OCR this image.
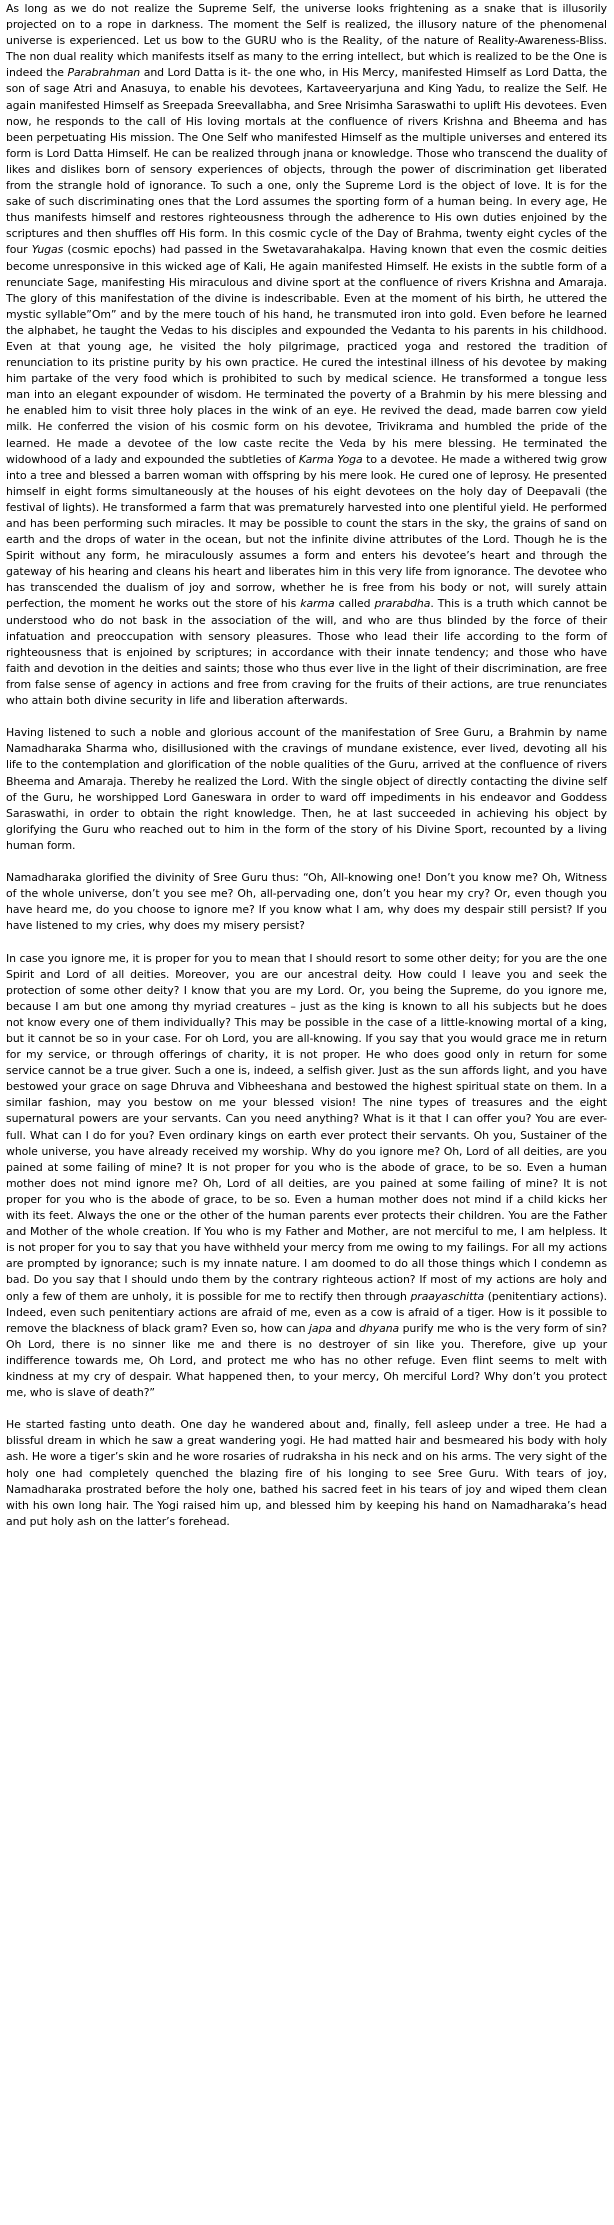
As long as we do not realize the Supreme Self, the universe looks frightening as a snake that is illusorily projected on to a rope in darkness. The moment the Self is realized, the illusory nature of the phenomenal universe is experienced. Let us bow to the GURU who is the Reality, of the nature of Reality-Awareness-Bliss. The non dual reality which manifests itself as many to the erring intellect, but which is realized to be the One is indeed the Parabrahman and Lord Datta is it- the one who, in His Mercy, manifested Himself as Lord Datta, the son of sage Atri and Anasuya, to enable his devotees, Kartaveeryarjuna and King Yadu, to realize the Self. He again manifested Himself as Sreepada Sreevallabha, and Sree Nrisimha Saraswathi to uplift His devotees. Even now, he responds to the call of His loving mortals at the confluence of rivers Krishna and Bheema and has been perpetuating His mission. The One Self who manifested Himself as the multiple universes and entered its form is Lord Datta Himself. He can be realized through jnana or knowledge. Those who transcend the duality of likes and dislikes born of sensory experiences of objects, through the power of discrimination get liberated from the strangle hold of ignorance. To such a one, only the Supreme Lord is the object of love. It is for the sake of such discriminating ones that the Lord assumes the sporting form of a human being. In every age, He thus manifests himself and restores righteousness through the adherence to His own duties enjoined by the scriptures and then shuffles off His form. In this cosmic cycle of the Day of Brahma, twenty eight cycles of the four Yugas (cosmic epochs) had passed in the Swetavarahakalpa. Having known that even the cosmic deities become unresponsive in this wicked age of Kali, He again manifested Himself. He exists in the subtle form of a renunciate Sage, manifesting His miraculous and divine sport at the confluence of rivers Krishna and Amaraja. The glory of this manifestation of the divine is indescribable. Even at the moment of his birth, he uttered the mystic syllable”Om” and by the mere touch of his hand, he transmuted iron into gold. Even before he learned the alphabet, he taught the Vedas to his disciples and expounded the Vedanta to his parents in his childhood. Even at that young age, he visited the holy pilgrimage, practiced yoga and restored the tradition of renunciation to its pristine purity by his own practice. He cured the intestinal illness of his devotee by making him partake of the very food which is prohibited to such by medical science. He transformed a tongue less man into an elegant expounder of wisdom. He terminated the poverty of a Brahmin by his mere blessing and he enabled him to visit three holy places in the wink of an eye. He revived the dead, made barren cow yield milk. He conferred the vision of his cosmic form on his devotee, Trivikrama and humbled the pride of the learned. He made a devotee of the low caste recite the Veda by his mere blessing. He terminated the widowhood of a lady and expounded the subtleties of Karma Yoga to a devotee. He made a withered twig grow into a tree and blessed a barren woman with offspring by his mere look. He cured one of leprosy. He presented himself in eight forms simultaneously at the houses of his eight devotees on the holy day of Deepavali (the festival of lights). He transformed a farm that was prematurely harvested into one plentiful yield. He performed and has been performing such miracles. It may be possible to count the stars in the sky, the grains of sand on earth and the drops of water in the ocean, but not the infinite divine attributes of the Lord. Though he is the Spirit without any form, he miraculously assumes a form and enters his devotee’s heart and through the gateway of his hearing and cleans his heart and liberates him in this very life from ignorance. The devotee who has transcended the dualism of joy and sorrow, whether he is free from his body or not, will surely attain perfection, the moment he works out the store of his karma called prarabdha. This is a truth which cannot be understood who do not bask in the association of the will, and who are thus blinded by the force of their infatuation and preoccupation with sensory pleasures. Those who lead their life according to the form of righteousness that is enjoined by scriptures; in accordance with their innate tendency; and those who have faith and devotion in the deities and saints; those who thus ever live in the light of their discrimination, are free from false sense of agency in actions and free from craving for the fruits of their actions, are true renunciates who attain both divine security in life and liberation afterwards.

Having listened to such a noble and glorious account of the manifestation of Sree Guru, a Brahmin by name Namadharaka Sharma who, disillusioned with the cravings of mundane existence, ever lived, devoting all his life to the contemplation and glorification of the noble qualities of the Guru, arrived at the confluence of rivers Bheema and Amaraja. Thereby he realized the Lord. With the single object of directly contacting the divine self of the Guru, he worshipped Lord Ganeswara in order to ward off impediments in his endeavor and Goddess Saraswathi, in order to obtain the right knowledge. Then, he at last succeeded in achieving his object by glorifying the Guru who reached out to him in the form of the story of his Divine Sport, recounted by a living human form.

Namadharaka glorified the divinity of Sree Guru thus: “Oh, All-knowing one! Don’t you know me? Oh, Witness of the whole universe, don’t you see me? Oh, all-pervading one, don’t you hear my cry? Or, even though you have heard me, do you choose to ignore me? If you know what I am, why does my despair still persist? If you have listened to my cries, why does my misery persist?

In case you ignore me, it is proper for you to mean that I should resort to some other deity; for you are the one Spirit and Lord of all deities. Moreover, you are our ancestral deity. How could I leave you and seek the protection of some other deity? I know that you are my Lord. Or, you being the Supreme, do you ignore me, because I am but one among thy myriad creatures – just as the king is known to all his subjects but he does not know every one of them individually? This may be possible in the case of a little-knowing mortal of a king, but it cannot be so in your case. For oh Lord, you are all-knowing. If you say that you would grace me in return for my service, or through offerings of charity, it is not proper. He who does good only in return for some service cannot be a true giver. Such a one is, indeed, a selfish giver. Just as the sun affords light, and you have bestowed your grace on sage Dhruva and Vibheeshana and bestowed the highest spiritual state on them. In a similar fashion, may you bestow on me your blessed vision! The nine types of treasures and the eight supernatural powers are your servants. Can you need anything? What is it that I can offer you? You are ever-full. What can I do for you? Even ordinary kings on earth ever protect their servants. Oh you, Sustainer of the whole universe, you have already received my worship. Why do you ignore me? Oh, Lord of all deities, are you pained at some failing of mine? It is not proper for you who is the abode of grace, to be so. Even a human mother does not mind ignore me? Oh, Lord of all deities, are you pained at some failing of mine? It is not proper for you who is the abode of grace, to be so. Even a human mother does not mind if a child kicks her with its feet. Always the one or the other of the human parents ever protects their children. You are the Father and Mother of the whole creation. If You who is my Father and Mother, are not merciful to me, I am helpless. It is not proper for you to say that you have withheld your mercy from me owing to my failings. For all my actions are prompted by ignorance; such is my innate nature. I am doomed to do all those things which I condemn as bad. Do you say that I should undo them by the contrary righteous action? If most of my actions are holy and only a few of them are unholy, it is possible for me to rectify then through praayaschitta (penitentiary actions). Indeed, even such penitentiary actions are afraid of me, even as a cow is afraid of a tiger. How is it possible to remove the blackness of black gram? Even so, how can japa and dhyana purify me who is the very form of sin? Oh Lord, there is no sinner like me and there is no destroyer of sin like you. Therefore, give up your indifference towards me, Oh Lord, and protect me who has no other refuge. Even flint seems to melt with kindness at my cry of despair. What happened then, to your mercy, Oh merciful Lord? Why don’t you protect me, who is slave of death?”

He started fasting unto death. One day he wandered about and, finally, fell asleep under a tree. He had a blissful dream in which he saw a great wandering yogi. He had matted hair and besmeared his body with holy ash. He wore a tiger’s skin and he wore rosaries of rudraksha in his neck and on his arms. The very sight of the holy one had completely quenched the blazing fire of his longing to see Sree Guru. With tears of joy, Namadharaka prostrated before the holy one, bathed his sacred feet in his tears of joy and wiped them clean with his own long hair. The Yogi raised him up, and blessed him by keeping his hand on Namadharaka’s head and put holy ash on the latter’s forehead.
